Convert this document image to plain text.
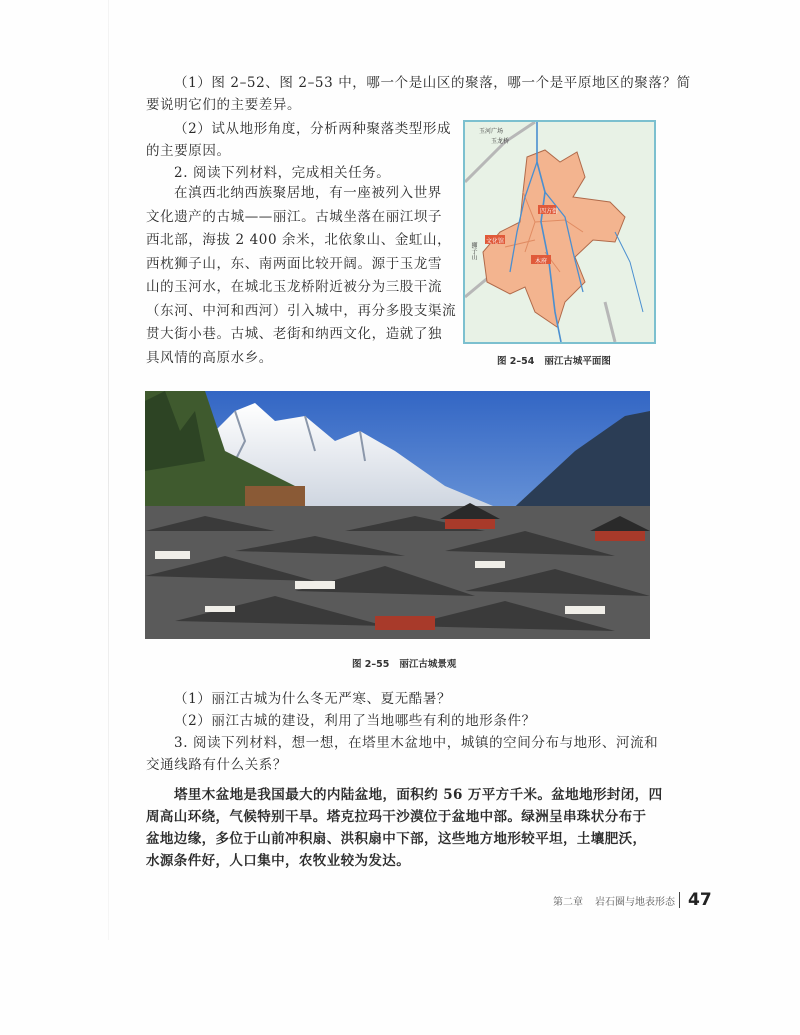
（1）图 2–52、图 2–53 中，哪一个是山区的聚落，哪一个是平原地区的聚落？简

要说明它们的主要差异。

（2）试从地形角度，分析两种聚落类型形成

的主要原因。

2. 阅读下列材料，完成相关任务。

在滇西北纳西族聚居地，有一座被列入世界

文化遗产的古城——丽江。古城坐落在丽江坝子

西北部，海拔 2 400 余米，北依象山、金虹山，

西枕狮子山，东、南两面比较开阔。源于玉龙雪

山的玉河水，在城北玉龙桥附近被分为三股干流

（东河、中河和西河）引入城中，再分多股支渠流

贯大街小巷。古城、老街和纳西文化，造就了独

具风情的高原水乡。

玉河广场
玉龙桥
四方街
文化馆
木府
狮子山
图 2–54 丽江古城平面图
图 2–55 丽江古城景观

（1）丽江古城为什么冬无严寒、夏无酷暑？

（2）丽江古城的建设，利用了当地哪些有利的地形条件？

3. 阅读下列材料，想一想，在塔里木盆地中，城镇的空间分布与地形、河流和

交通线路有什么关系？

塔里木盆地是我国最大的内陆盆地，面积约 56 万平方千米。盆地地形封闭，四

周高山环绕，气候特别干旱。塔克拉玛干沙漠位于盆地中部。绿洲呈串珠状分布于

盆地边缘，多位于山前冲积扇、洪积扇中下部，这些地方地形较平坦，土壤肥沃，

水源条件好，人口集中，农牧业较为发达。

第二章 岩石圈与地表形态 47
